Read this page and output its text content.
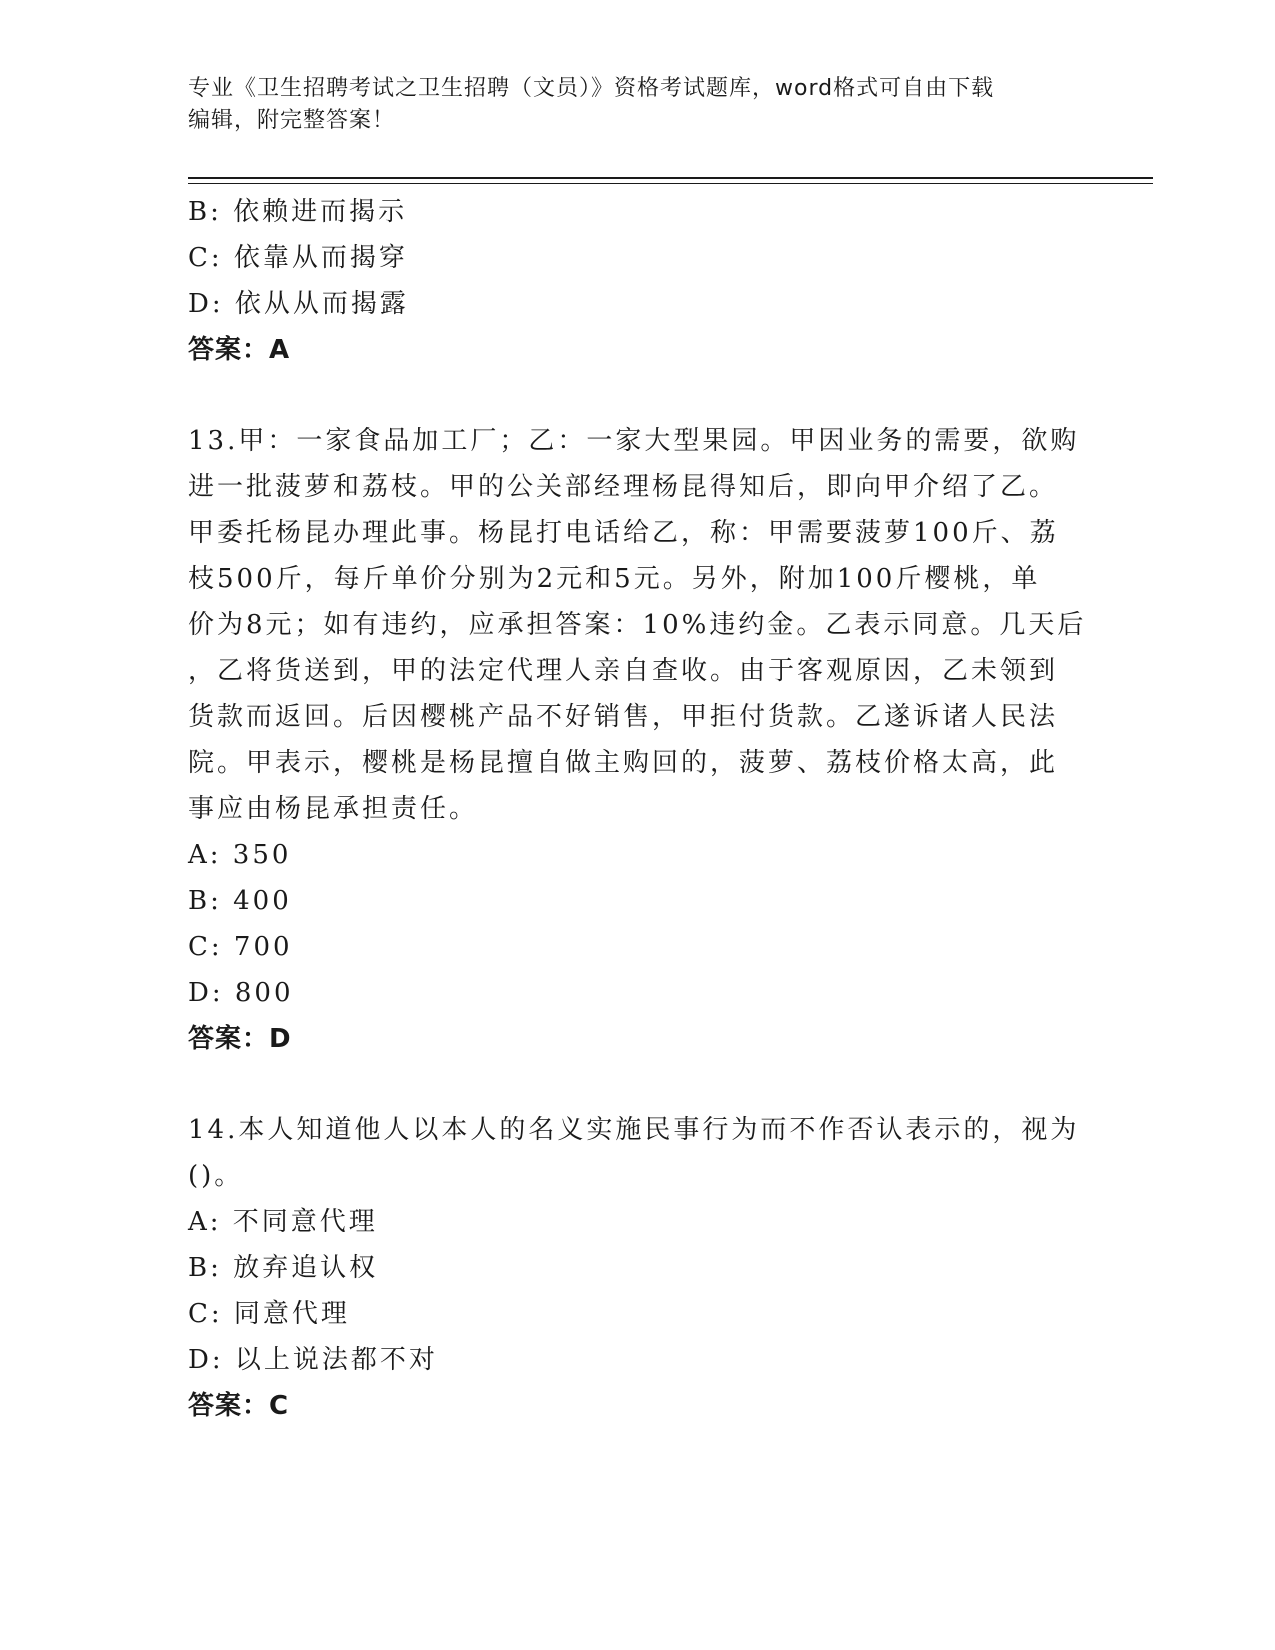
专业《卫生招聘考试之卫生招聘（文员）》资格考试题库，word格式可自由下载
编辑，附完整答案！
B: 依赖进而揭示
C: 依靠从而揭穿
D: 依从从而揭露
答案：A
13.甲：一家食品加工厂；乙：一家大型果园。甲因业务的需要，欲购
进一批菠萝和荔枝。甲的公关部经理杨昆得知后，即向甲介绍了乙。
甲委托杨昆办理此事。杨昆打电话给乙，称：甲需要菠萝100斤、荔
枝500斤，每斤单价分别为2元和5元。另外，附加100斤樱桃，单
价为8元；如有违约，应承担答案：10%违约金。乙表示同意。几天后
，乙将货送到，甲的法定代理人亲自查收。由于客观原因，乙未领到
货款而返回。后因樱桃产品不好销售，甲拒付货款。乙遂诉诸人民法
院。甲表示，樱桃是杨昆擅自做主购回的，菠萝、荔枝价格太高，此
事应由杨昆承担责任。
A: 350
B: 400
C: 700
D: 800
答案：D
14.本人知道他人以本人的名义实施民事行为而不作否认表示的，视为
()。
A: 不同意代理
B: 放弃追认权
C: 同意代理
D: 以上说法都不对
答案：C
